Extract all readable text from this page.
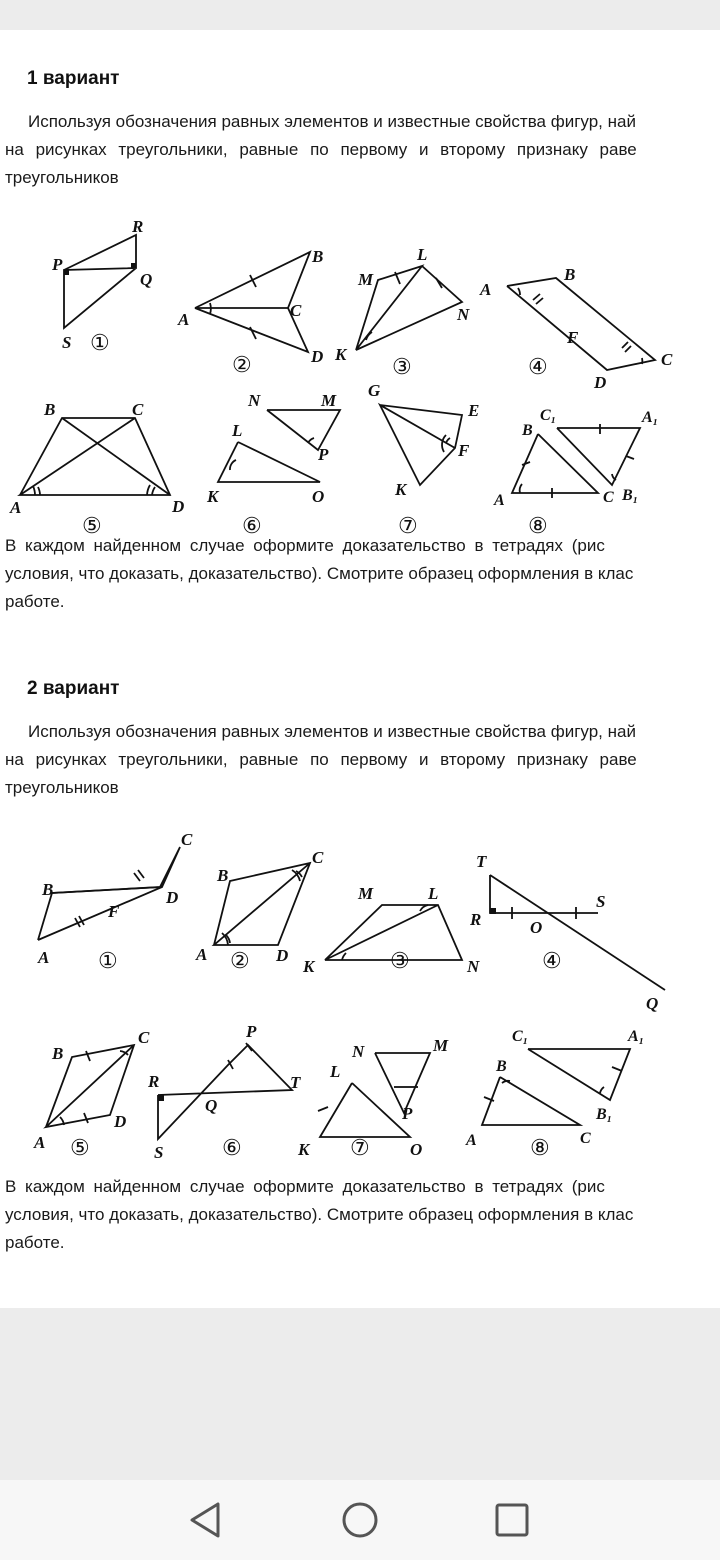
1 вариант
Используя обозначения равных элементов и известные свойства фигур, най
на рисунках треугольники, равные по первому и второму признаку раве
треугольников
R
P
Q
S ①
B
A	C
D
②
M
L
K
N
③
A
B
F
C
D
④
B	C
A	D
⑤
N	M
P
L
K	O
⑥
G
E
F
K
⑦
C₁
B
A₁
A	C B₁
⑧
В каждом найденном случае оформите доказательство в тетрадях (рис
условия, что доказать, доказательство). Смотрите образец оформления в клас
работе.
2 вариант
Используя обозначения равных элементов и известные свойства фигур, най
на рисунках треугольники, равные по первому и второму признаку раве
треугольников
C
B	D
F
A ①
C
B
A	D
②
M	L
K	N
③
T
R	O
S
Q
④
C
B
D
A ⑤
P
R
Q
T
S	⑥
N	M
P
L
K	O
⑦
C₁	A₁
B
B₁
A	C
⑧
В каждом найденном случае оформите доказательство в тетрадях (рис
условия, что доказать, доказательство). Смотрите образец оформления в клас
работе.
